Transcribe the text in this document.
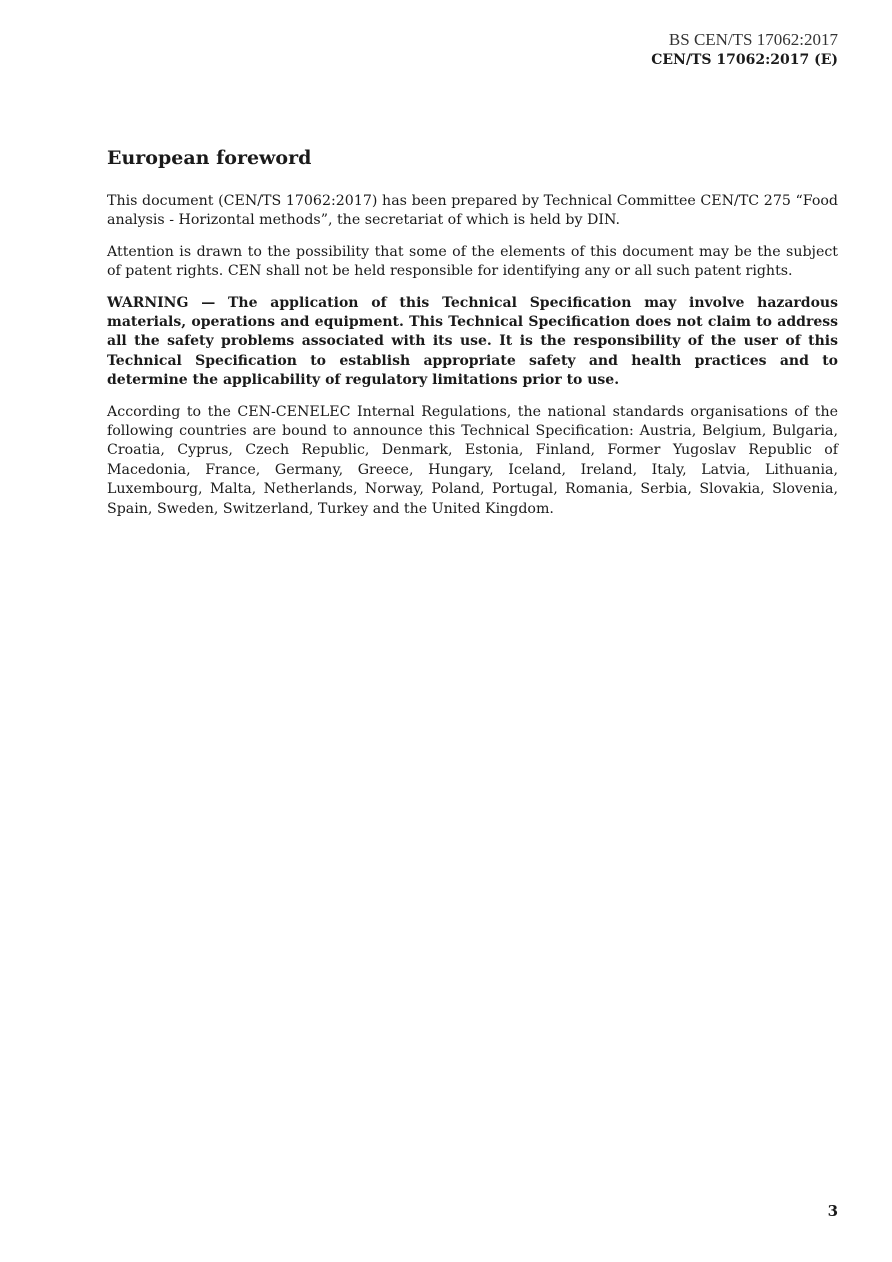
BS CEN/TS 17062:2017
CEN/TS 17062:2017 (E)
European foreword

This document (CEN/TS 17062:2017) has been prepared by Technical Committee CEN/TC 275 “Food analysis - Horizontal methods”, the secretariat of which is held by DIN.

Attention is drawn to the possibility that some of the elements of this document may be the subject of patent rights. CEN shall not be held responsible for identifying any or all such patent rights.

WARNING — The application of this Technical Specification may involve hazardous materials, operations and equipment. This Technical Specification does not claim to address all the safety problems associated with its use. It is the responsibility of the user of this Technical Specification to establish appropriate safety and health practices and to determine the applicability of regulatory limitations prior to use.

According to the CEN-CENELEC Internal Regulations, the national standards organisations of the following countries are bound to announce this Technical Specification: Austria, Belgium, Bulgaria, Croatia, Cyprus, Czech Republic, Denmark, Estonia, Finland, Former Yugoslav Republic of Macedonia, France, Germany, Greece, Hungary, Iceland, Ireland, Italy, Latvia, Lithuania, Luxembourg, Malta, Netherlands, Norway, Poland, Portugal, Romania, Serbia, Slovakia, Slovenia, Spain, Sweden, Switzerland, Turkey and the United Kingdom.

3
